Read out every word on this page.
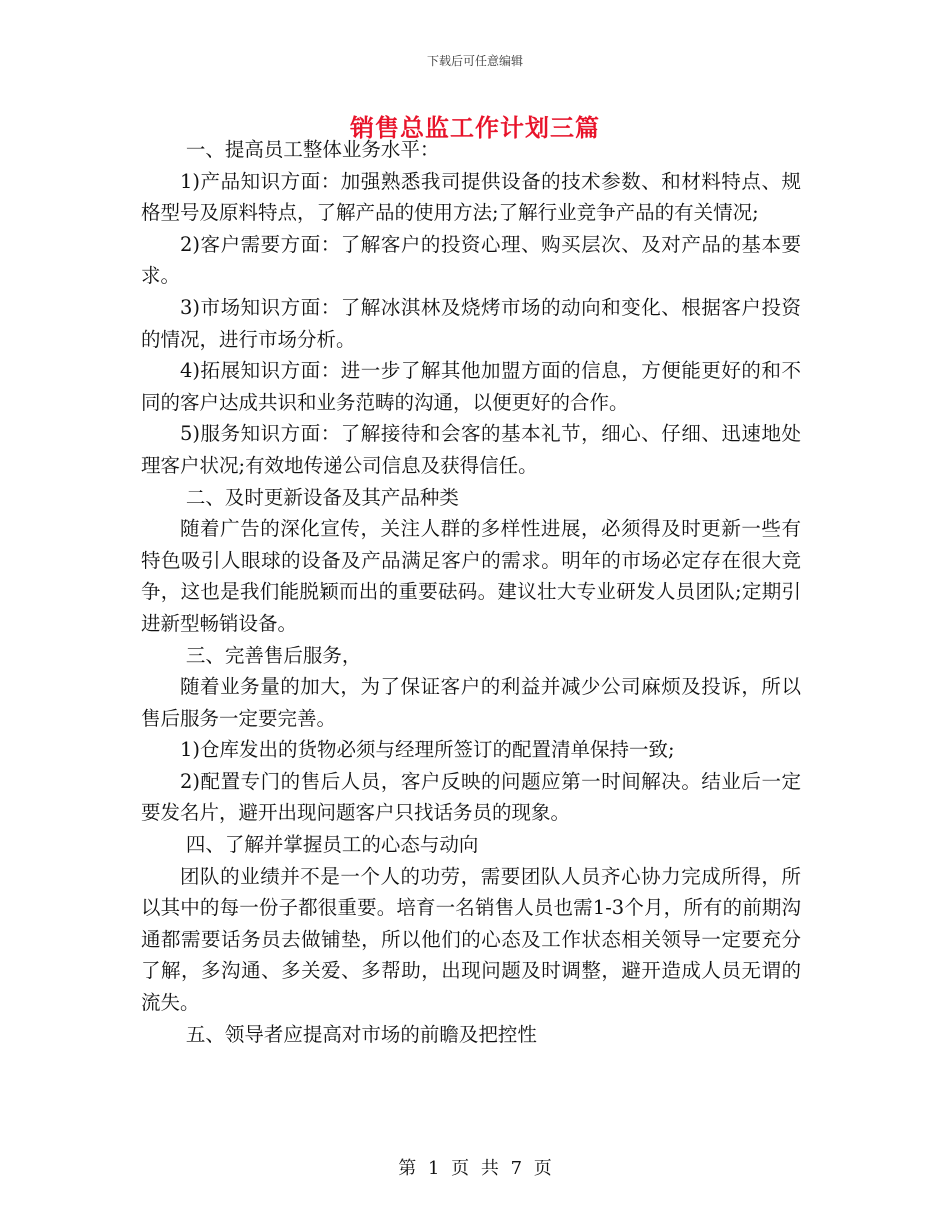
下载后可任意编辑
销售总监工作计划三篇

一、提高员工整体业务水平：

1)产品知识方面：加强熟悉我司提供设备的技术参数、和材料特点、规格型号及原料特点，了解产品的使用方法;了解行业竞争产品的有关情况;

2)客户需要方面：了解客户的投资心理、购买层次、及对产品的基本要求。

3)市场知识方面：了解冰淇林及烧烤市场的动向和变化、根据客户投资的情况，进行市场分析。

4)拓展知识方面：进一步了解其他加盟方面的信息，方便能更好的和不同的客户达成共识和业务范畴的沟通，以便更好的合作。

5)服务知识方面：了解接待和会客的基本礼节，细心、仔细、迅速地处理客户状况;有效地传递公司信息及获得信任。

二、及时更新设备及其产品种类

随着广告的深化宣传，关注人群的多样性进展，必须得及时更新一些有特色吸引人眼球的设备及产品满足客户的需求。明年的市场必定存在很大竞争，这也是我们能脱颖而出的重要砝码。建议壮大专业研发人员团队;定期引进新型畅销设备。

三、完善售后服务，

随着业务量的加大，为了保证客户的利益并减少公司麻烦及投诉，所以售后服务一定要完善。

1)仓库发出的货物必须与经理所签订的配置清单保持一致;

2)配置专门的售后人员，客户反映的问题应第一时间解决。结业后一定要发名片，避开出现问题客户只找话务员的现象。

四、了解并掌握员工的心态与动向

团队的业绩并不是一个人的功劳，需要团队人员齐心协力完成所得，所以其中的每一份子都很重要。培育一名销售人员也需1-3个月，所有的前期沟通都需要话务员去做铺垫，所以他们的心态及工作状态相关领导一定要充分了解，多沟通、多关爱、多帮助，出现问题及时调整，避开造成人员无谓的流失。

五、领导者应提高对市场的前瞻及把控性

第 1 页 共 7 页
